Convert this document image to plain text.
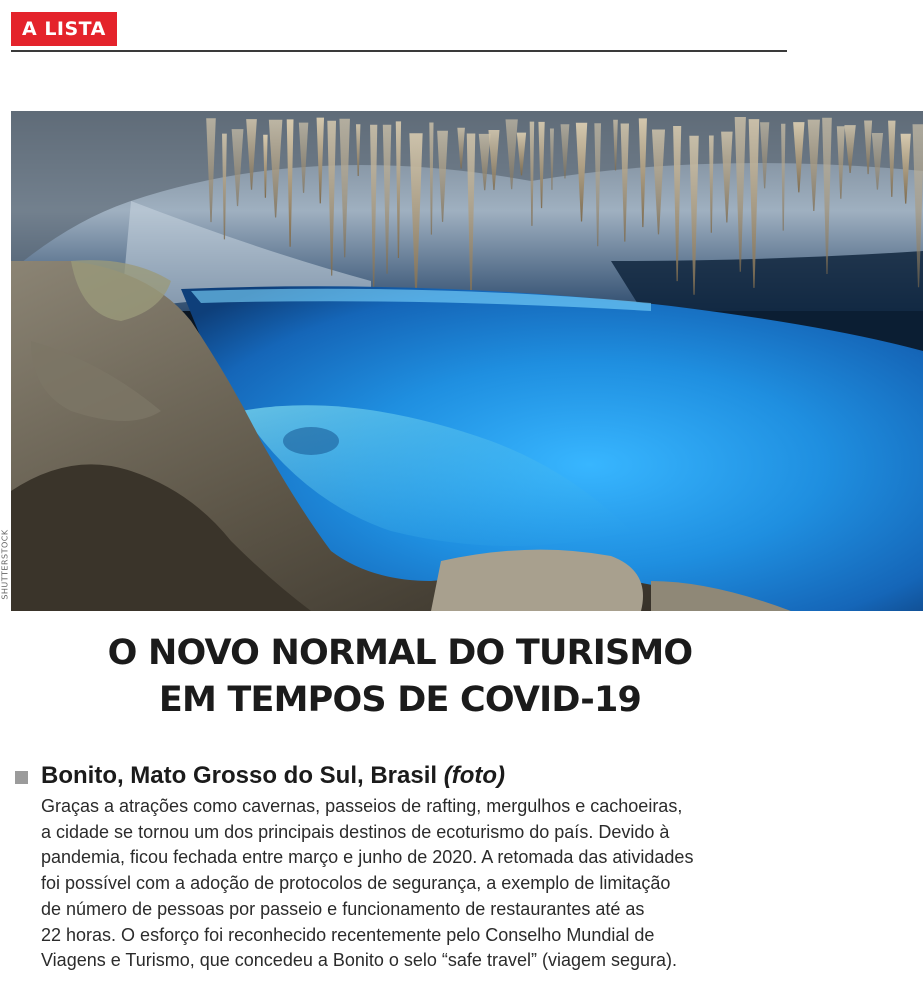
A LISTA
SHUTTERSTOCK
O NOVO NORMAL DO TURISMO
EM TEMPOS DE COVID-19
Bonito, Mato Grosso do Sul, Brasil (foto)
Graças a atrações como cavernas, passeios de rafting, mergulhos e cachoeiras,
a cidade se tornou um dos principais destinos de ecoturismo do país. Devido à
pandemia, ficou fechada entre março e junho de 2020. A retomada das atividades
foi possível com a adoção de protocolos de segurança, a exemplo de limitação
de número de pessoas por passeio e funcionamento de restaurantes até as
22 horas. O esforço foi reconhecido recentemente pelo Conselho Mundial de
Viagens e Turismo, que concedeu a Bonito o selo “safe travel” (viagem segura).
